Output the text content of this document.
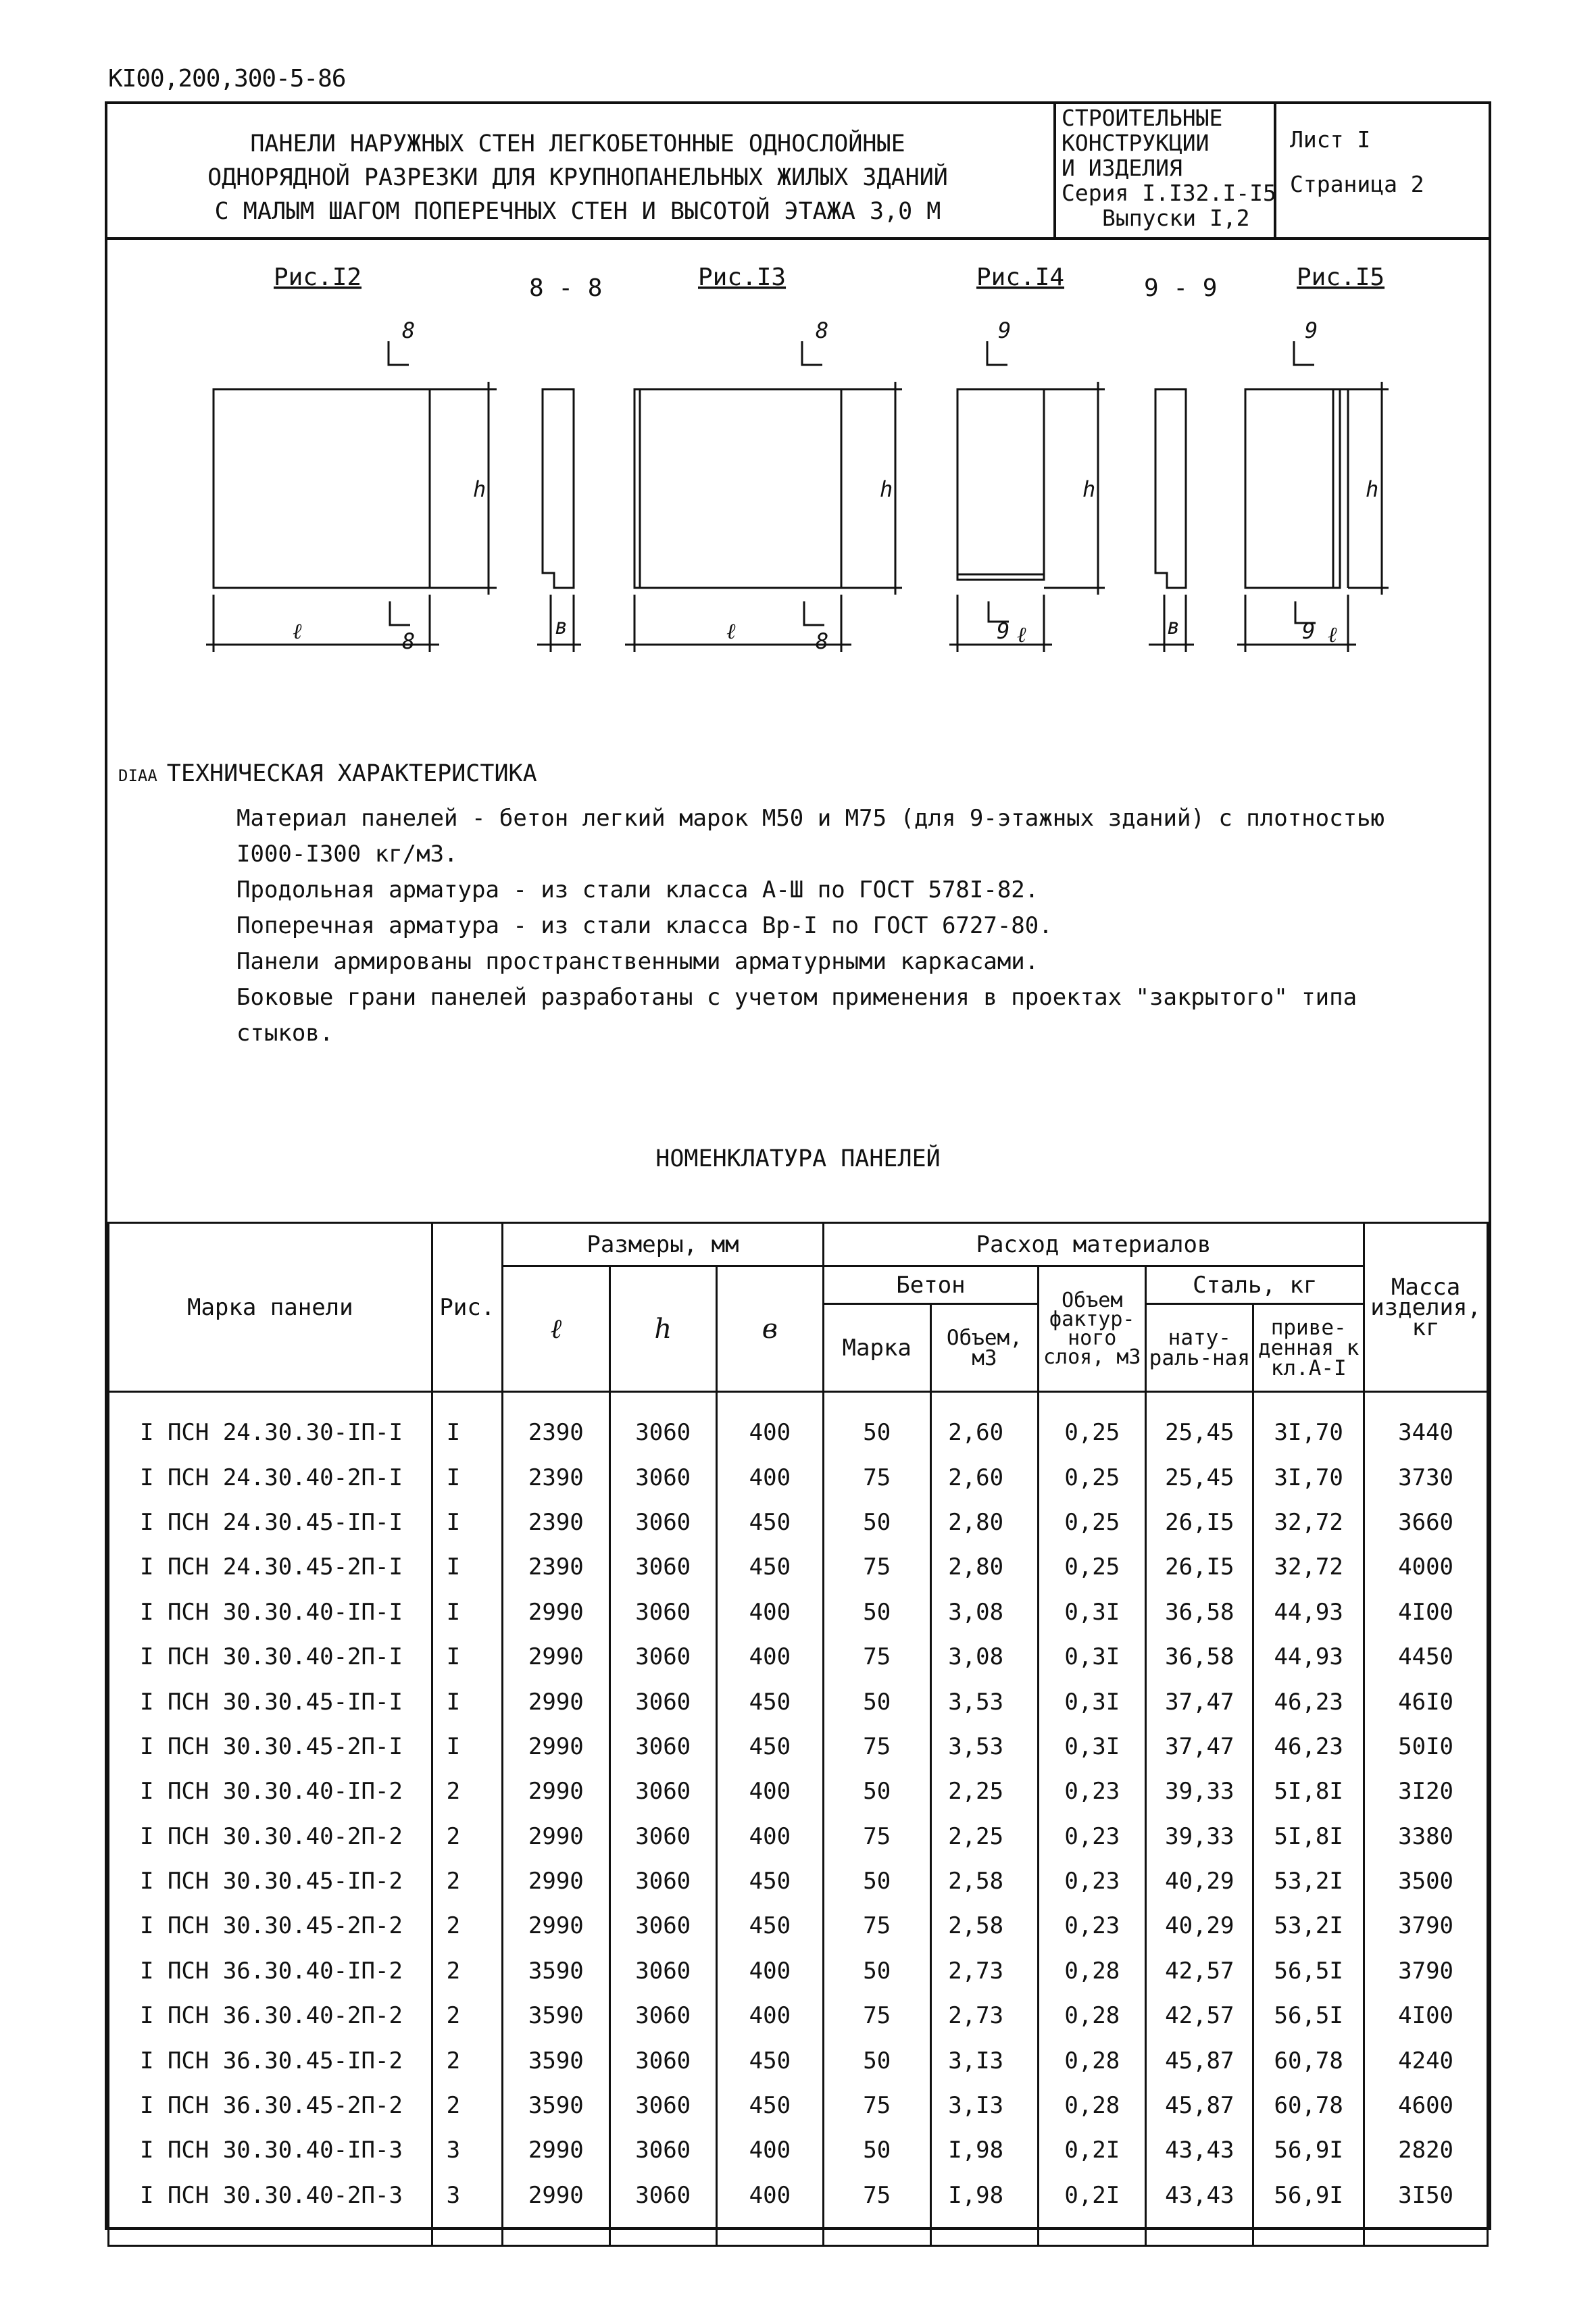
КI00,200,300-5-86
ПАНЕЛИ НАРУЖНЫХ СТЕН ЛЕГКОБЕТОННЫЕ ОДНОСЛОЙНЫЕ
ОДНОРЯДНОЙ РАЗРЕЗКИ ДЛЯ КРУПНОПАНЕЛЬНЫХ ЖИЛЫХ ЗДАНИЙ
С МАЛЫМ ШАГОМ ПОПЕРЕЧНЫХ СТЕН И ВЫСОТОЙ ЭТАЖА 3,0 М
СТРОИТЕЛЬНЫЕ
КОНСТРУКЦИИ
И ИЗДЕЛИЯ
Серия I.I32.I-I5
Выпуски I,2
Лист I
Страница 2
Рис.I2	8 - 8	Рис.I3	Рис.I4	9 - 9	Рис.I5
8
8
8
8
9
9
9
9
ℓ
h
в	ℓ
h
ℓ
h
в	ℓ
h
DIAA ТЕХНИЧЕСКАЯ ХАРАКТЕРИСТИКА

Материал панелей - бетон легкий марок M50 и M75 (для 9-этажных зданий) с плотностью

I000-I300 кг/м3.

Продольная арматура - из стали класса А-Ш по ГОСТ 578I-82.

Поперечная арматура - из стали класса Bp-I по ГОСТ 6727-80.

Панели армированы пространственными арматурными каркасами.

Боковые грани панелей разработаны с учетом применения в проектах "закрытого" типа

стыков.

НОМЕНКЛАТУРА ПАНЕЛЕЙ
Марка панели	Рис.	Размеры, мм			Расход материалов					Масса изделия, кг
		ℓ	h	в	Бетон		Объем фактур-ного слоя, м3	Сталь, кг		
					Марка	Объем, м3		нату-раль-ная	приве-денная к кл.А-I	
I ПСН 24.30.30-IП-I	I	2390	3060	400	50	2,60	0,25	25,45	3I,70	3440
I ПСН 24.30.40-2П-I	I	2390	3060	400	75	2,60	0,25	25,45	3I,70	3730
I ПСН 24.30.45-IП-I	I	2390	3060	450	50	2,80	0,25	26,I5	32,72	3660
I ПСН 24.30.45-2П-I	I	2390	3060	450	75	2,80	0,25	26,I5	32,72	4000
I ПСН 30.30.40-IП-I	I	2990	3060	400	50	3,08	0,3I	36,58	44,93	4I00
I ПСН 30.30.40-2П-I	I	2990	3060	400	75	3,08	0,3I	36,58	44,93	4450
I ПСН 30.30.45-IП-I	I	2990	3060	450	50	3,53	0,3I	37,47	46,23	46I0
I ПСН 30.30.45-2П-I	I	2990	3060	450	75	3,53	0,3I	37,47	46,23	50I0
I ПСН 30.30.40-IП-2	2	2990	3060	400	50	2,25	0,23	39,33	5I,8I	3I20
I ПСН 30.30.40-2П-2	2	2990	3060	400	75	2,25	0,23	39,33	5I,8I	3380
I ПСН 30.30.45-IП-2	2	2990	3060	450	50	2,58	0,23	40,29	53,2I	3500
I ПСН 30.30.45-2П-2	2	2990	3060	450	75	2,58	0,23	40,29	53,2I	3790
I ПСН 36.30.40-IП-2	2	3590	3060	400	50	2,73	0,28	42,57	56,5I	3790
I ПСН 36.30.40-2П-2	2	3590	3060	400	75	2,73	0,28	42,57	56,5I	4I00
I ПСН 36.30.45-IП-2	2	3590	3060	450	50	3,I3	0,28	45,87	60,78	4240
I ПСН 36.30.45-2П-2	2	3590	3060	450	75	3,I3	0,28	45,87	60,78	4600
I ПСН 30.30.40-IП-3	3	2990	3060	400	50	I,98	0,2I	43,43	56,9I	2820
I ПСН 30.30.40-2П-3	3	2990	3060	400	75	I,98	0,2I	43,43	56,9I	3I50
